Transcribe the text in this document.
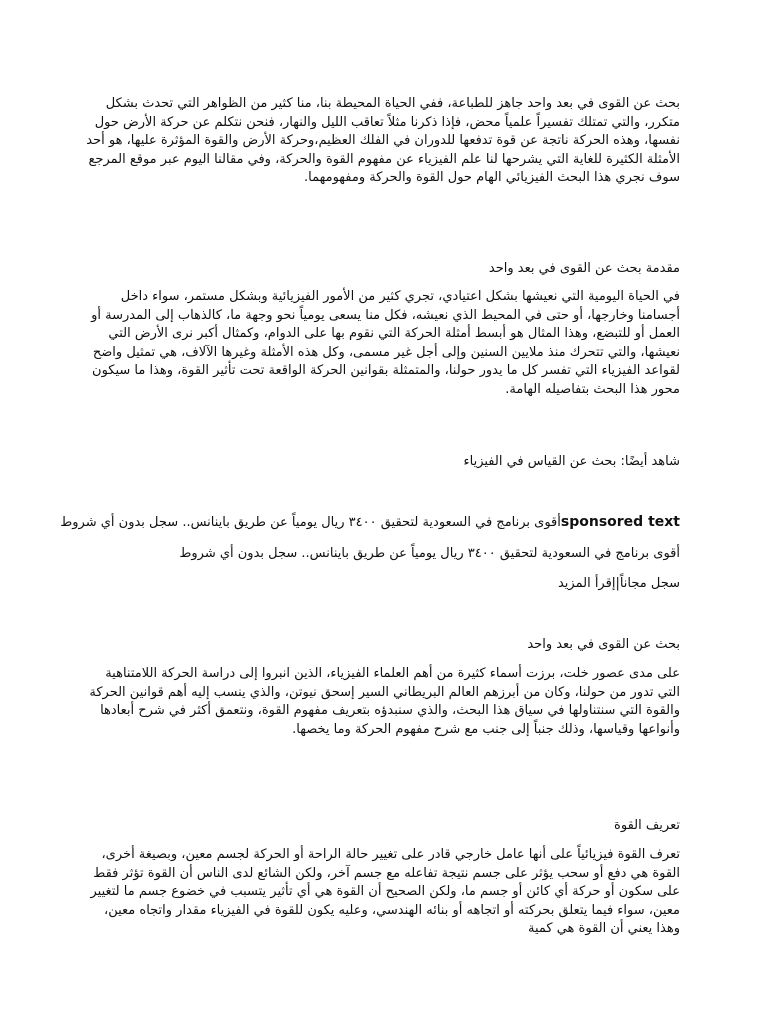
بحث عن القوى في بعد واحد جاهز للطباعة، ففي الحياة المحيطة بنا، منا كثير من الظواهر التي تحدث بشكل متكرر، والتي تمتلك تفسيراً علمياً محض، فإذا ذكرنا مثلاً تعاقب الليل والنهار، فنحن نتكلم عن حركة الأرض حول نفسها، وهذه الحركة ناتجة عن قوة تدفعها للدوران في الفلك العظيم،وحركة الأرض والقوة المؤثرة عليها، هو أحد الأمثلة الكثيرة للغاية التي يشرحها لنا علم الفيزياء عن مفهوم القوة والحركة، وفي مقالنا اليوم عبر موقع المرجع سوف نجري هذا البحث الفيزيائي الهام حول القوة والحركة ومفهومهما.

مقدمة بحث عن القوى في بعد واحد

في الحياة اليومية التي نعيشها بشكل اعتيادي، تجري كثير من الأمور الفيزيائية وبشكل مستمر، سواء داخل أجسامنا وخارجها، أو حتى في المحيط الذي نعيشه، فكل منا يسعى يومياً نحو وجهة ما، كالذهاب إلى المدرسة أو العمل أو للتبضع، وهذا المثال هو أبسط أمثلة الحركة التي نقوم بها على الدوام، وكمثال أكبر نرى الأرض التي نعيشها، والتي تتحرك منذ ملايين السنين وإلى أجل غير مسمى، وكل هذه الأمثلة وغيرها الآلاف، هي تمثيل واضح لقواعد الفيزياء التي تفسر كل ما يدور حولنا، والمتمثلة بقوانين الحركة الواقعة تحت تأثير القوة، وهذا ما سيكون محور هذا البحث بتفاصيله الهامة.

شاهد أيضًا: بحث عن القياس في الفيزياء

sponsored textأقوى برنامج في السعودية لتحقيق ٣٤٠٠ ريال يومياً عن طريق باينانس.. سجل بدون أي شروط

أقوى برنامج في السعودية لتحقيق ٣٤٠٠ ريال يومياً عن طريق باينانس.. سجل بدون أي شروط

سجل مجاناً|إقرأ المزيد

بحث عن القوى في بعد واحد

على مدى عصور خلت، برزت أسماء كثيرة من أهم العلماء الفيزياء، الذين انبروا إلى دراسة الحركة اللامتناهية التي تدور من حولنا، وكان من أبرزهم العالم البريطاني السير إسحق نيوتن، والذي ينسب إليه أهم قوانين الحركة والقوة التي سنتناولها في سياق هذا البحث، والذي سنبدؤه بتعريف مفهوم القوة، ونتعمق أكثر في شرح أبعادها وأنواعها وقياسها، وذلك جنباً إلى جنب مع شرح مفهوم الحركة وما يخصها.

تعريف القوة

تعرف القوة فيزيائياً على أنها عامل خارجي قادر على تغيير حالة الراحة أو الحركة لجسم معين، وبصيغة أخرى، القوة هي دفع أو سحب يؤثر على جسم نتيجة تفاعله مع جسم آخر، ولكن الشائع لدى الناس أن القوة تؤثر فقط على سكون أو حركة أي كائن أو جسم ما، ولكن الصحيح أن القوة هي أي تأثير يتسبب في خضوع جسم ما لتغيير معين، سواء فيما يتعلق بحركته أو اتجاهه أو بنائه الهندسي، وعليه يكون للقوة في الفيزياء مقدار واتجاه معين، وهذا يعني أن القوة هي كمية
